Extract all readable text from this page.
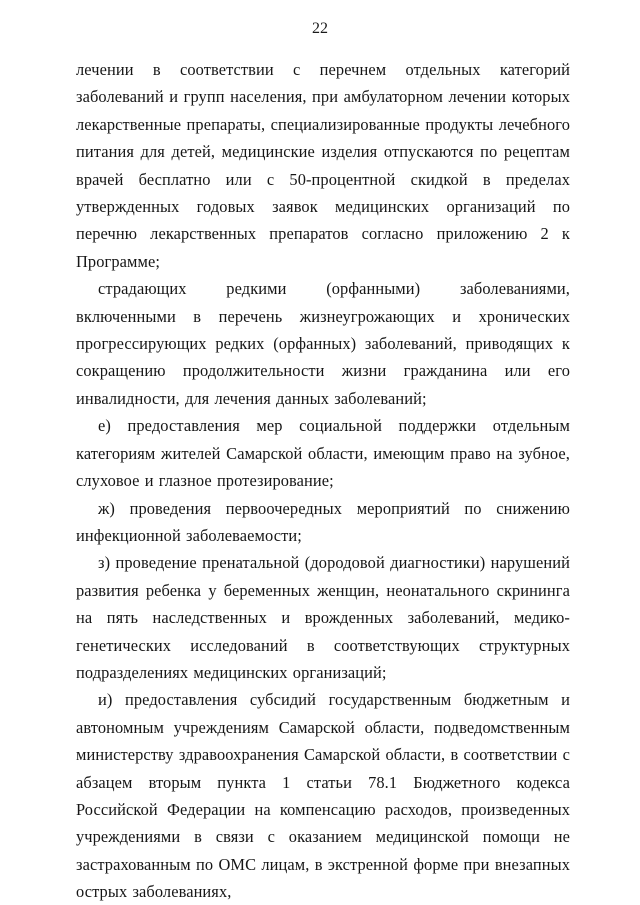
22

лечении в соответствии с перечнем отдельных категорий заболеваний и групп населения, при амбулаторном лечении которых лекарственные препараты, специализированные продукты лечебного питания для детей, медицинские изделия отпускаются по рецептам врачей бесплатно или с 50-процентной скидкой в пределах утвержденных годовых заявок медицинских организаций по перечню лекарственных препаратов согласно приложению 2 к Программе;

страдающих редкими (орфанными) заболеваниями, включенными в перечень жизнеугрожающих и хронических прогрессирующих редких (орфанных) заболеваний, приводящих к сокращению продолжительности жизни гражданина или его инвалидности, для лечения данных заболеваний;

е) предоставления мер социальной поддержки отдельным категориям жителей Самарской области, имеющим право на зубное, слуховое и глазное протезирование;

ж) проведения первоочередных мероприятий по снижению инфекционной заболеваемости;

з) проведение пренатальной (дородовой диагностики) нарушений развития ребенка у беременных женщин, неонатального скрининга на пять наследственных и врожденных заболеваний, медико-генетических исследований в соответствующих структурных подразделениях медицинских организаций;

и) предоставления субсидий государственным бюджетным и автономным учреждениям Самарской области, подведомственным министерству здравоохранения Самарской области, в соответствии с абзацем вторым пункта 1 статьи 78.1 Бюджетного кодекса Российской Федерации на компенсацию расходов, произведенных учреждениями в связи с оказанием медицинской помощи не застрахованным по ОМС лицам, в экстренной форме при внезапных острых заболеваниях,
